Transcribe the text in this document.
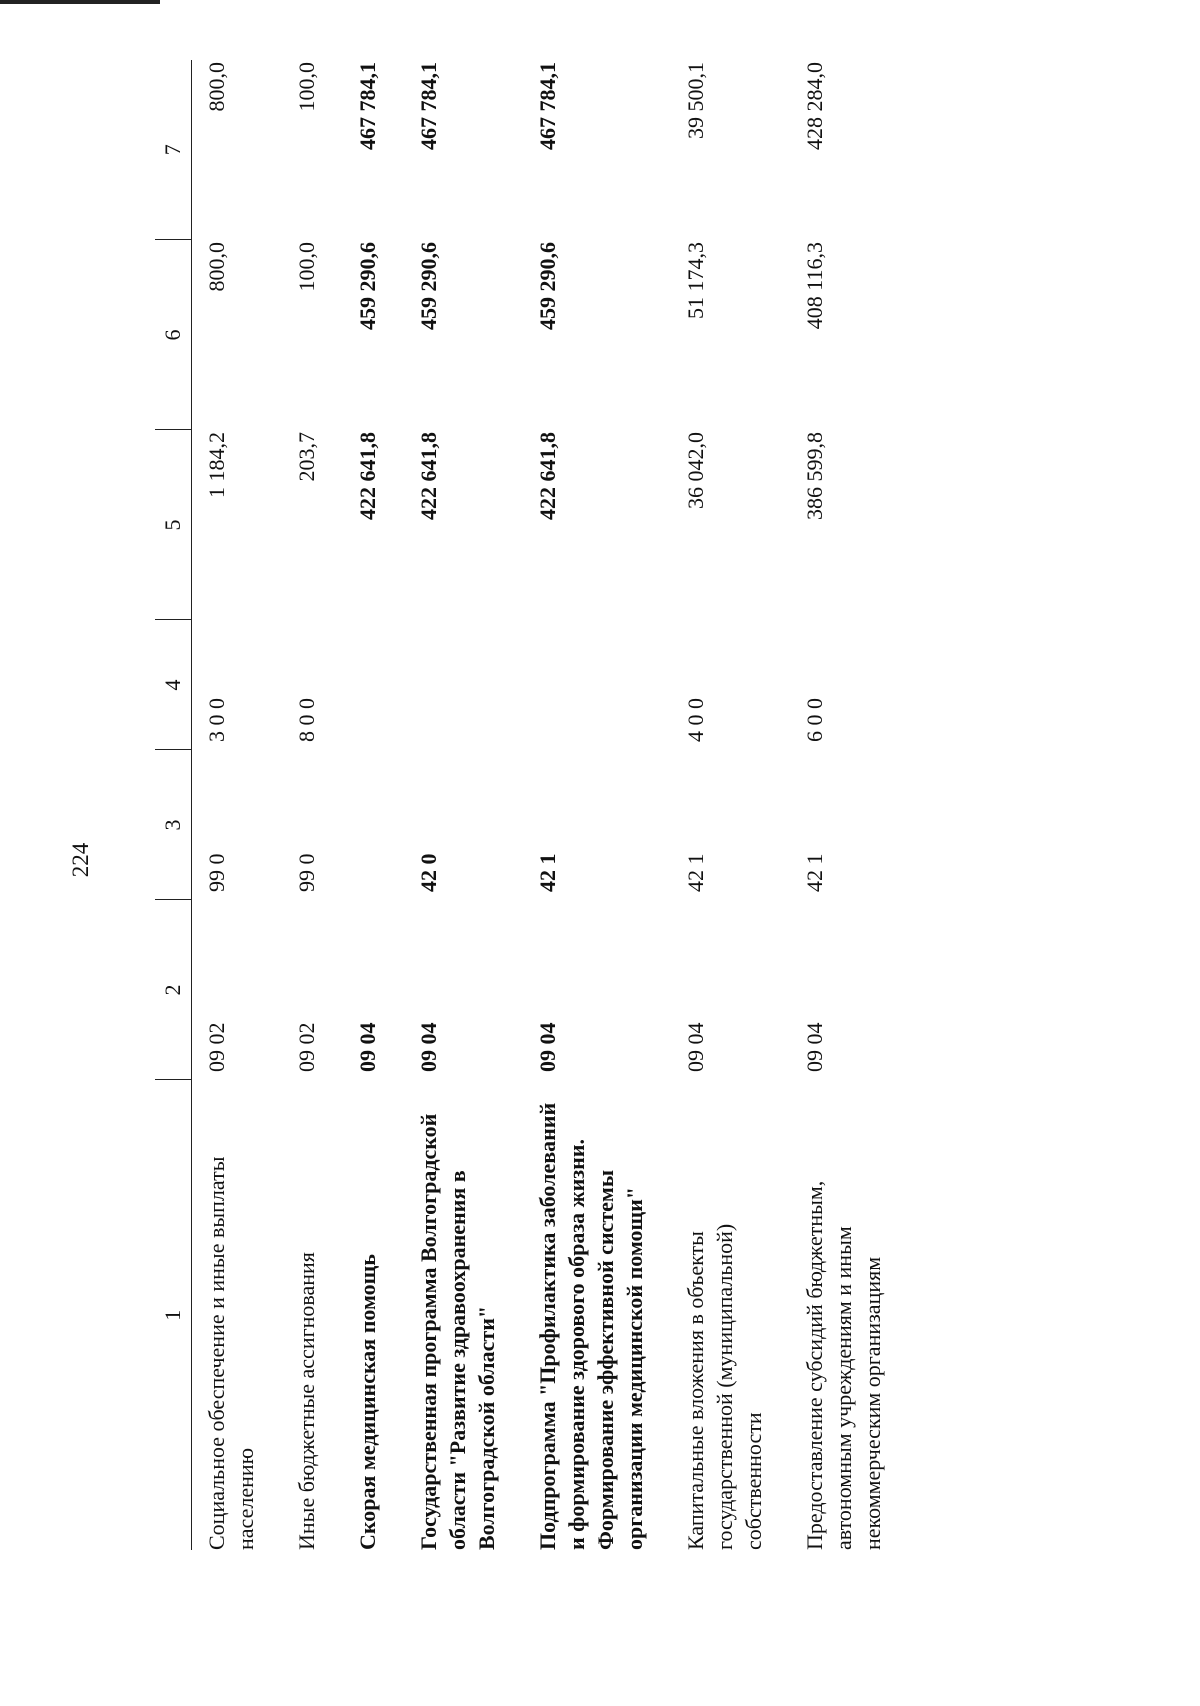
224
1	2	3	4	5	6	7
Социальное обеспечение и иные выплаты населению	09 02	99 0	3 0 0	1 184,2	800,0	800,0
Иные бюджетные ассигнования	09 02	99 0	8 0 0	203,7	100,0	100,0
Скорая медицинская помощь	09 04			422 641,8	459 290,6	467 784,1
Государственная программа Волгоградской области "Развитие здравоохранения в Волгоградской области"	09 04	42 0		422 641,8	459 290,6	467 784,1
Подпрограмма "Профилактика заболеваний и формирование здорового образа жизни. Формирование эффективной системы организации медицинской помощи"	09 04	42 1		422 641,8	459 290,6	467 784,1
Капитальные вложения в объекты государственной (муниципальной) собственности	09 04	42 1	4 0 0	36 042,0	51 174,3	39 500,1
Предоставление субсидий бюджетным, автономным учреждениям и иным некоммерческим организациям	09 04	42 1	6 0 0	386 599,8	408 116,3	428 284,0
